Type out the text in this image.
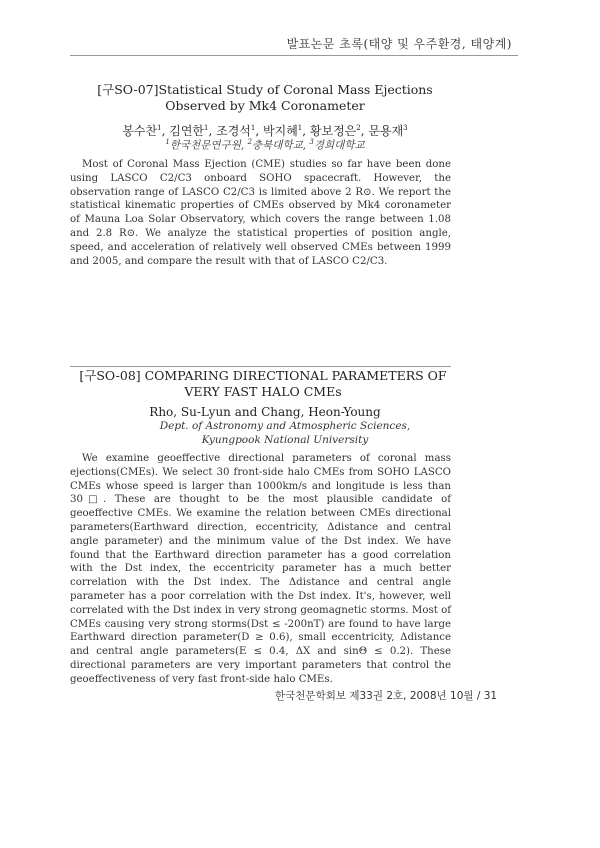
발표논문 초록(태양 및 우주환경, 태양계)
[구SO-07]Statistical Study of Coronal Mass Ejections Observed by Mk4 Coronameter
봉수찬$^1$, 김연한$^1$, 조경석$^1$, 박지혜$^1$, 황보정은$^2$, 문용재$^3$
$^1$한국천문연구원, $^2$충북대학교, $^3$경희대학교

Most of Coronal Mass Ejection (CME) studies so far have been done using LASCO C2/C3 onboard SOHO spacecraft. However, the observation range of LASCO C2/C3 is limited above 2 R⊙. We report the statistical kinematic properties of CMEs observed by Mk4 coronameter of Mauna Loa Solar Observatory, which covers the range between 1.08 and 2.8 R⊙. We analyze the statistical properties of position angle, speed, and acceleration of relatively well observed CMEs between 1999 and 2005, and compare the result with that of LASCO C2/C3.

[구SO-08] COMPARING DIRECTIONAL PARAMETERS OF VERY FAST HALO CMEs
Rho, Su-Lyun and Chang, Heon-Young
Dept. of Astronomy and Atmospheric Sciences, Kyungpook National University

We examine geoeffective directional parameters of coronal mass ejections(CMEs). We select 30 front-side halo CMEs from SOHO LASCO CMEs whose speed is larger than 1000km/s and longitude is less than 30□. These are thought to be the most plausible candidate of geoeffective CMEs. We examine the relation between CMEs directional parameters(Earthward direction, eccentricity, Δdistance and central angle parameter) and the minimum value of the Dst index. We have found that the Earthward direction parameter has a good correlation with the Dst index, the eccentricity parameter has a much better correlation with the Dst index. The Δdistance and central angle parameter has a poor correlation with the Dst index. It's, however, well correlated with the Dst index in very strong geomagnetic storms. Most of CMEs causing very strong storms(Dst ≤ -200nT) are found to have large Earthward direction parameter(D ≥ 0.6), small eccentricity, Δdistance and central angle parameters(E ≤ 0.4, ΔX and sinΘ ≤ 0.2). These directional parameters are very important parameters that control the geoeffectiveness of very fast front-side halo CMEs.

한국천문학회보 제33권 2호, 2008년 10월 / 31
